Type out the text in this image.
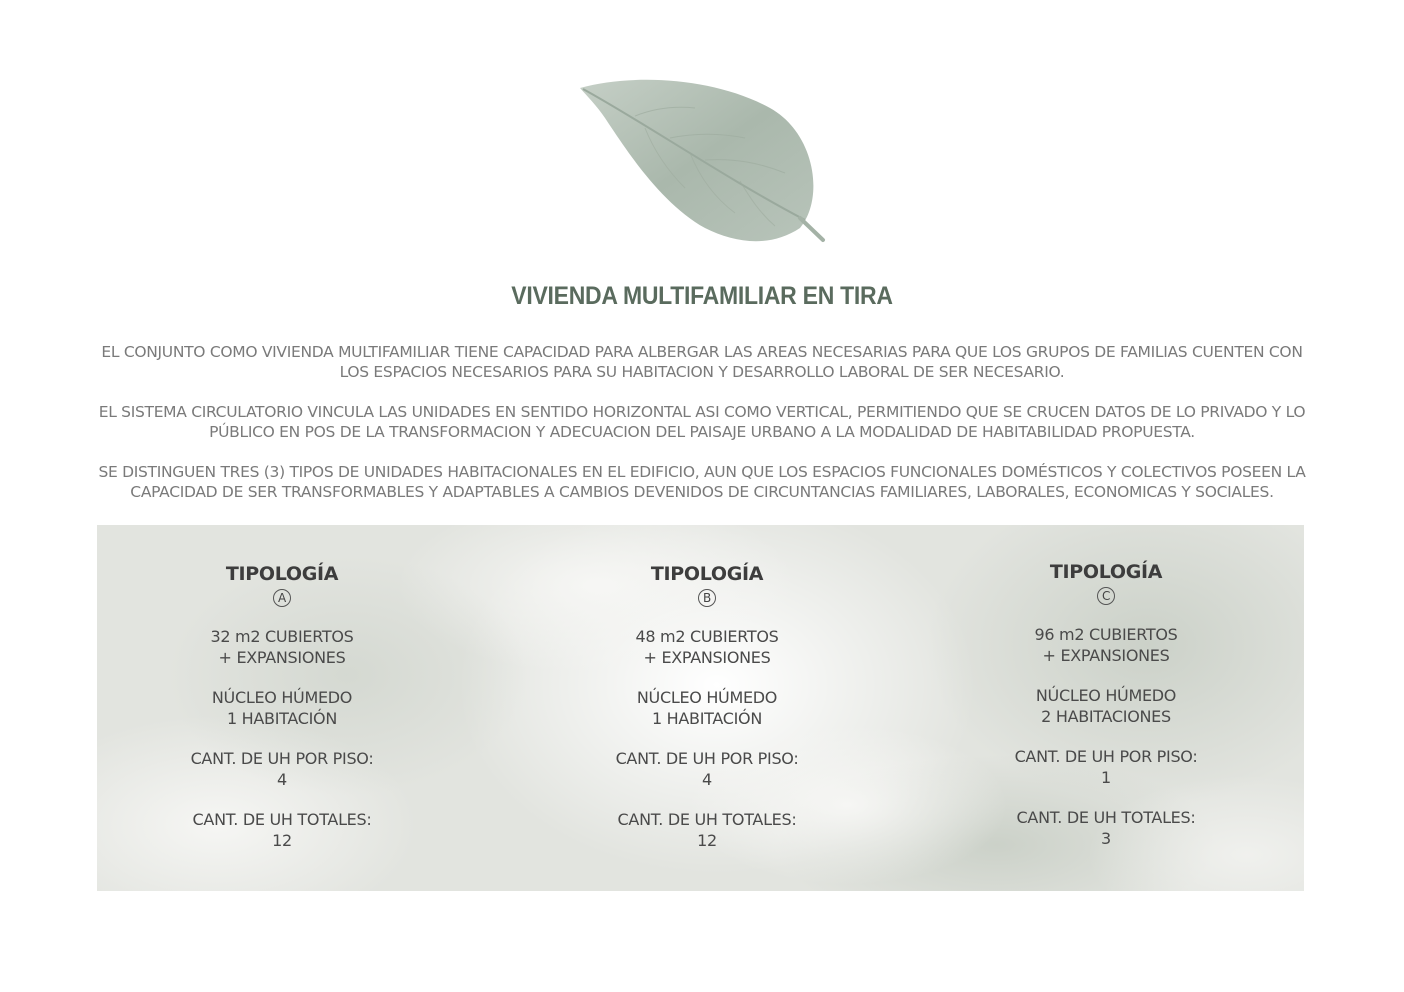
VIVIENDA MULTIFAMILIAR EN TIRA
EL CONJUNTO COMO VIVIENDA MULTIFAMILIAR TIENE CAPACIDAD PARA ALBERGAR LAS AREAS NECESARIAS PARA QUE LOS GRUPOS DE FAMILIAS CUENTEN CON
LOS ESPACIOS NECESARIOS PARA SU HABITACION Y DESARROLLO LABORAL DE SER NECESARIO.
EL SISTEMA CIRCULATORIO VINCULA LAS UNIDADES EN SENTIDO HORIZONTAL ASI COMO VERTICAL, PERMITIENDO QUE SE CRUCEN DATOS DE LO PRIVADO Y LO
PÚBLICO EN POS DE LA TRANSFORMACION Y ADECUACION DEL PAISAJE URBANO A LA MODALIDAD DE HABITABILIDAD PROPUESTA.
SE DISTINGUEN TRES (3) TIPOS DE UNIDADES HABITACIONALES EN EL EDIFICIO, AUN QUE LOS ESPACIOS FUNCIONALES DOMÉSTICOS Y COLECTIVOS POSEEN LA
CAPACIDAD DE SER TRANSFORMABLES Y ADAPTABLES A CAMBIOS DEVENIDOS DE CIRCUNTANCIAS FAMILIARES, LABORALES, ECONOMICAS Y SOCIALES.
TIPOLOGÍA
A
32 m2 CUBIERTOS
+ EXPANSIONES
NÚCLEO HÚMEDO
1 HABITACIÓN
CANT. DE UH POR PISO:
4
CANT. DE UH TOTALES:
12
TIPOLOGÍA
B
48 m2 CUBIERTOS
+ EXPANSIONES
NÚCLEO HÚMEDO
1 HABITACIÓN
CANT. DE UH POR PISO:
4
CANT. DE UH TOTALES:
12
TIPOLOGÍA
C
96 m2 CUBIERTOS
+ EXPANSIONES
NÚCLEO HÚMEDO
2 HABITACIONES
CANT. DE UH POR PISO:
1
CANT. DE UH TOTALES:
3
